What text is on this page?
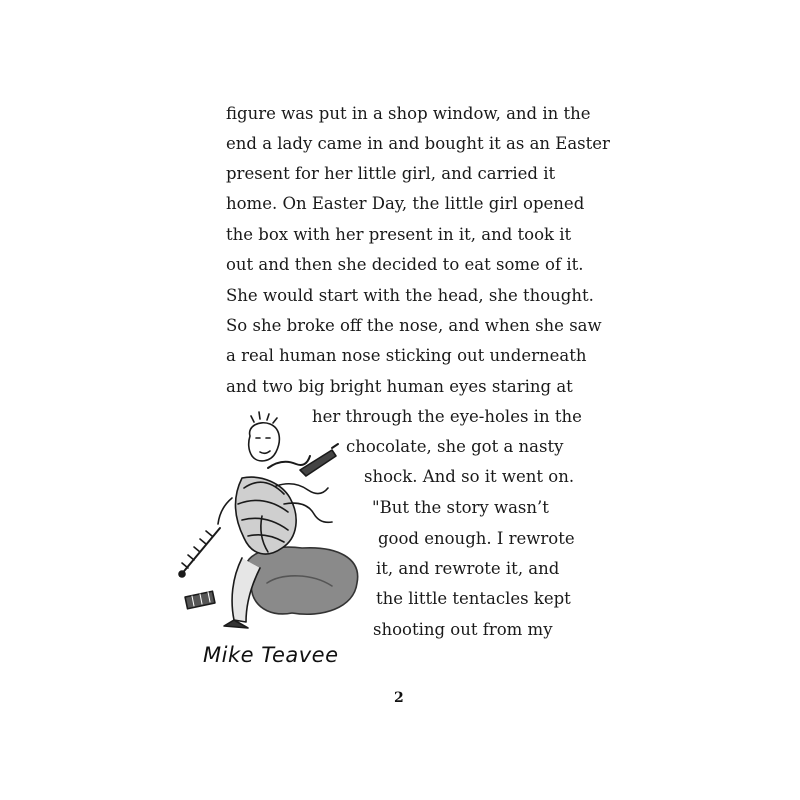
figure was put in a shop window, and in the
end a lady came in and bought it as an Easter
present for her little girl, and carried it
home. On Easter Day, the little girl opened
the box with her present in it, and took it
out and then she decided to eat some of it.
She would start with the head, she thought.
So she broke off the nose, and when she saw
a real human nose sticking out underneath
and two big bright human eyes staring at
her through the eye-holes in the
chocolate, she got a nasty
shock. And so it went on.
"But the story wasn’t
good enough. I rewrote
it, and rewrote it, and
the little tentacles kept
shooting out from my
Mike Teavee
2
